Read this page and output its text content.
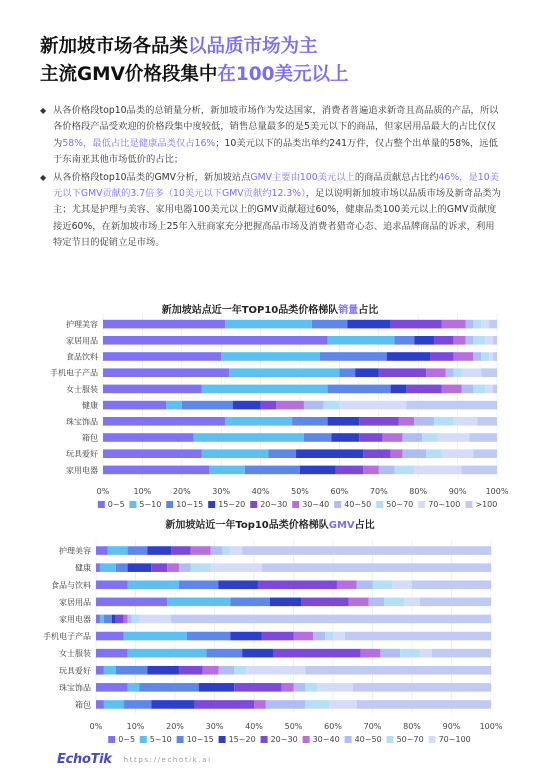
新加坡市场各品类以品质市场为主
主流GMV价格段集中在100美元以上
◆ 从各价格段top10品类的总销量分析，新加坡市场作为发达国家，消费者普遍追求新奇且高品质的产品，所以各价格段产品受欢迎的价格段集中度较低，销售总量最多的是5美元以下的商品，但家居用品最大的占比仅仅为58%，最低占比是健康品类仅占16%；10美元以下的品类出单约241万件，仅占整个出单量的58%，远低于东南亚其他市场低价的占比；
◆ 从各价格段top10品类的GMV分析，新加坡站点GMV主要由100美元以上的商品贡献总占比约46%，是10美元以下GMV贡献的3.7倍多（10美元以下GMV贡献约12.3%），足以说明新加坡市场以品质市场及新奇品类为主；尤其是护理与美容、家用电器100美元以上的GMV贡献超过60%，健康品类100美元以上的GMV贡献度接近60%，在新加坡市场上25年入驻商家充分把握高品市场及消费者猎奇心态、追求品牌商品的诉求，利用特定节日的促销立足市场。
新加坡站点近一年TOP10品类价格梯队销量占比
护理美容
家居用品
食品饮料
手机电子产品
女士服装
健康
珠宝饰品
箱包
玩具爱好
家用电器
0%	10%	20%	30%	40%	50%	60%	70%	80%	90% 100%
0~5 5~10 10~15 15~20 20~30 30~40 40~50 50~70 70~100 >100
新加坡站近一年Top10品类价格梯队GMV占比
护理美容
健康
食品与饮料
家居用品
家用电器
手机电子产品
女士服装
玩具爱好
珠宝饰品
箱包
0%	10%	20%	30%	40%	50%	60%	70%	80%	90% 100%
0~5 5~10 10~15 15~20 20~30 30~40 40~50 50~70 70~100
EchoTik https://echotik.ai
